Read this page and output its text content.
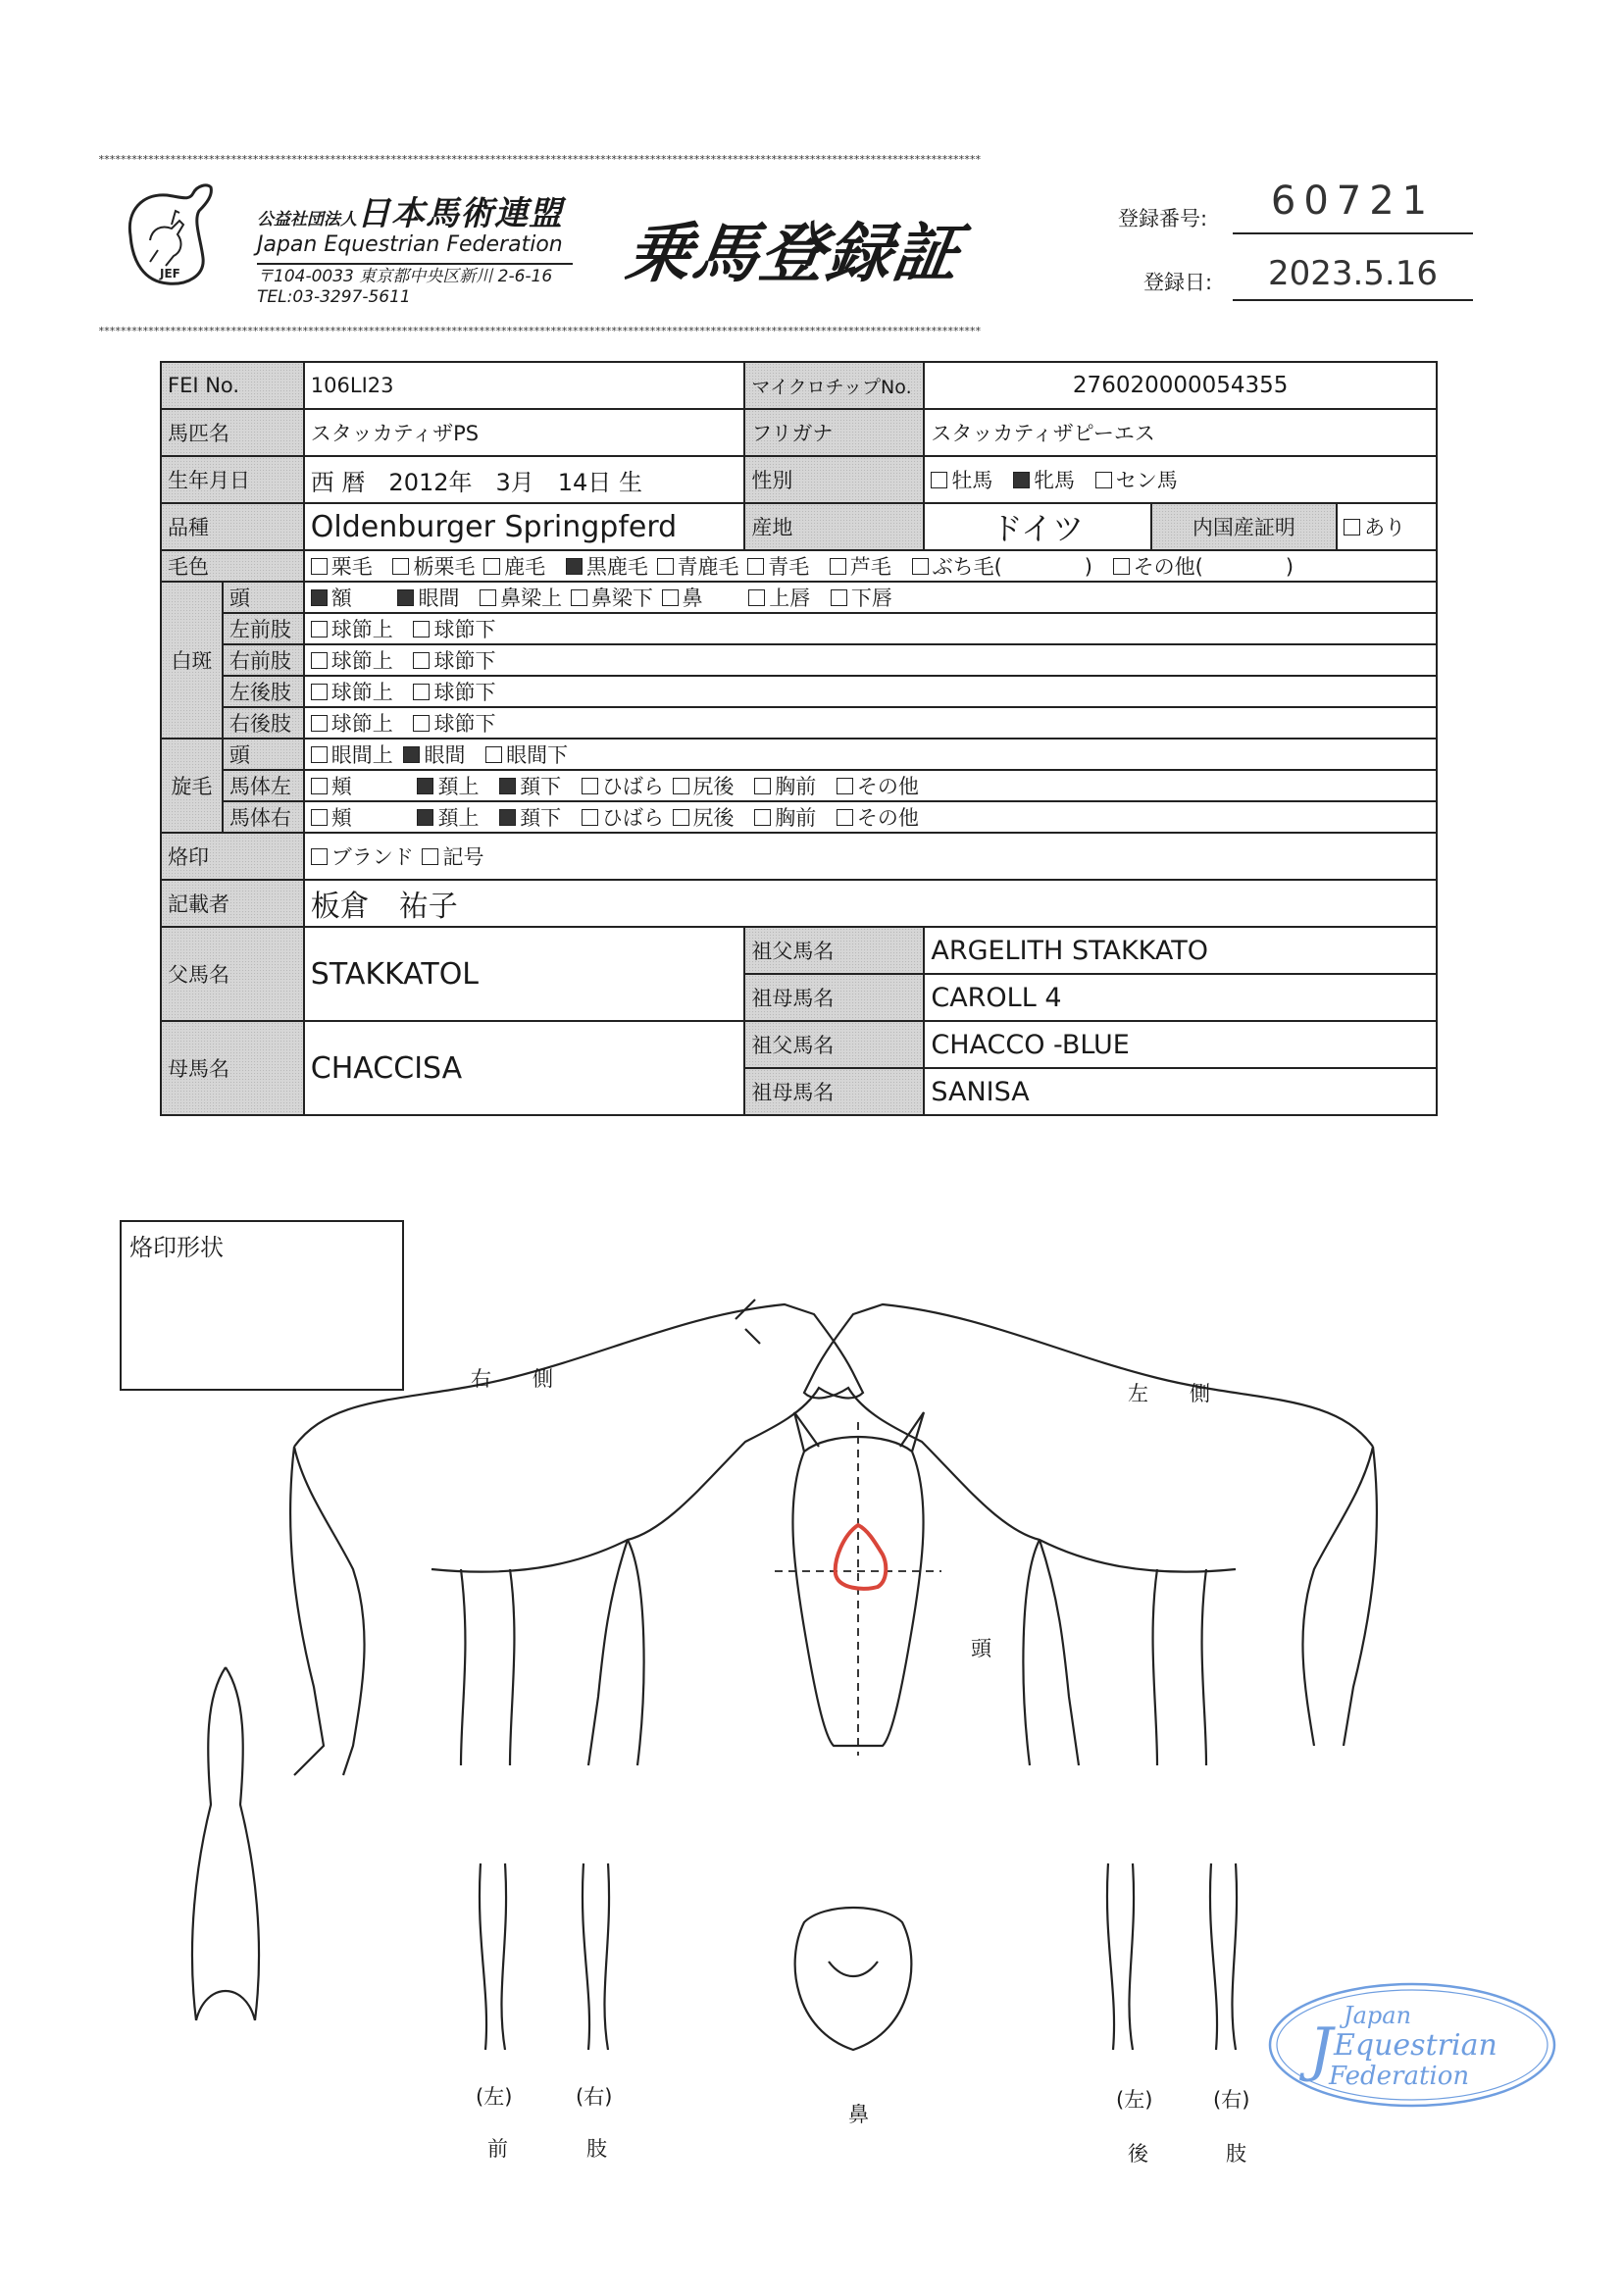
****************************************************************************************************************************************************************
****************************************************************************************************************************************************************
JEF
公益社団法人日本馬術連盟
Japan Equestrian Federation
〒104-0033 東京都中央区新川 2-6-16
TEL:03-3297-5611
乗馬登録証	登録番号:	60721
登録日:	2023.5.16
FEI No.		106LI23	マイクロチップNo.	276020000054355		
馬匹名		スタッカティザPS	フリガナ	スタッカティザピーエス		
生年月日		西 暦　2012年　3月　14日 生	性別	牡馬 牝馬 セン馬		
品種		Oldenburger Springpferd	産地	ドイツ	内国産証明	あり
毛色		栗毛 栃栗毛 鹿毛 黒鹿毛 青鹿毛 青毛 芦毛 ぶち毛(　　　　) その他(　　　　)				
白斑	頭	額 眼間 鼻梁上 鼻梁下 鼻 上唇 下唇				
	左前肢	球節上 球節下				
	右前肢	球節上 球節下				
	左後肢	球節上 球節下				
	右後肢	球節上 球節下				
旋毛	頭	眼間上 眼間 眼間下				
	馬体左	頬 頚上 頚下 ひばら 尻後 胸前 その他				
	馬体右	頬 頚上 頚下 ひばら 尻後 胸前 その他				
烙印		ブランド 記号				
記載者		板倉　祐子				
父馬名		STAKKATOL	祖父馬名	ARGELITH STAKKATO		
			祖母馬名	CAROLL 4		
母馬名		CHACCISA	祖父馬名	CHACCO -BLUE		
			祖母馬名	SANISA		
烙印形状
右　　側
左　　側
頭
鼻
(左)	(右)
前	肢
(左)	(右)
後	肢
J Japan
Equestrian
Federation
